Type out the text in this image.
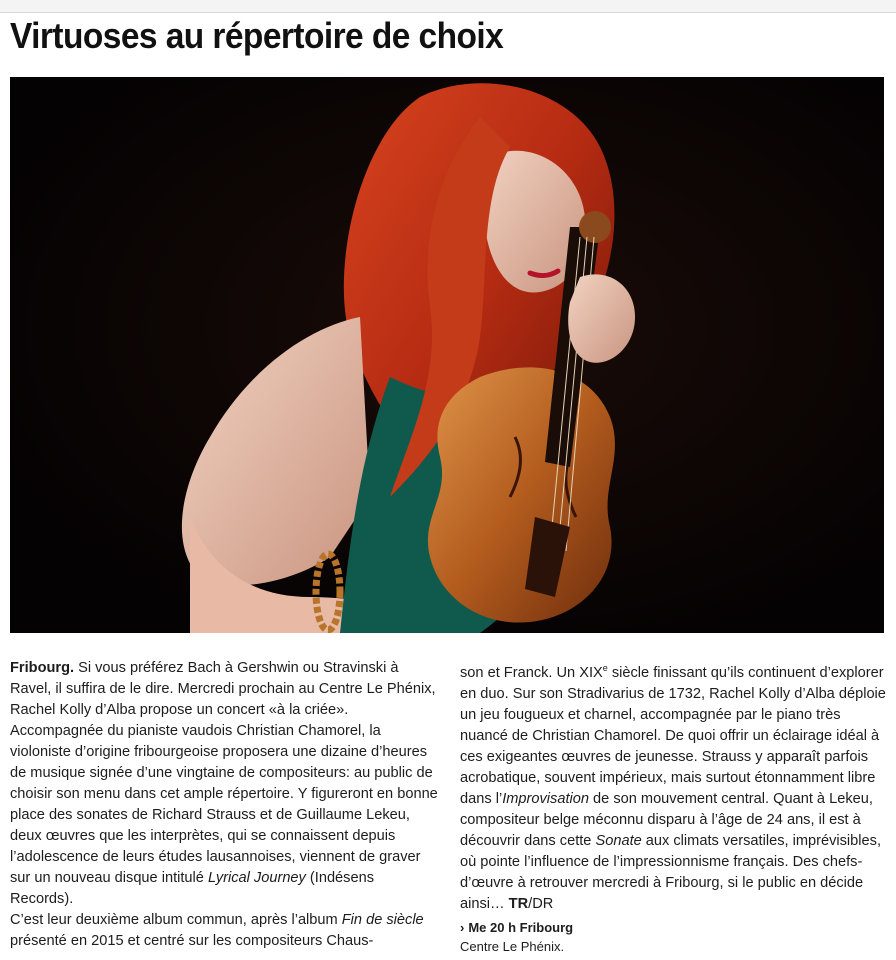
Virtuoses au répertoire de choix

Fribourg. Si vous préférez Bach à Gershwin ou Stravinski à Ravel, il suffira de le dire. Mercredi prochain au Centre Le Phénix, Rachel Kolly d’Alba propose un concert «à la criée». Accompagnée du pianiste vaudois Christian Chamorel, la violoniste d’origine fribourgeoise proposera une dizaine d’heures de musique signée d’une vingtaine de compositeurs: au public de choisir son menu dans cet ample répertoire. Y figureront en bonne place des sonates de Richard Strauss et de Guillaume Lekeu, deux œuvres que les interprètes, qui se connaissent depuis l’adolescence de leurs études lausannoises, viennent de graver sur un nouveau disque intitulé Lyrical Journey (Indésens Records).

C’est leur deuxième album commun, après l’album Fin de siècle présenté en 2015 et centré sur les compositeurs Chaus-

son et Franck. Un XIXe siècle finissant qu’ils continuent d’explorer en duo. Sur son Stradivarius de 1732, Rachel Kolly d’Alba déploie un jeu fougueux et charnel, accompagnée par le piano très nuancé de Christian Chamorel. De quoi offrir un éclairage idéal à ces exigeantes œuvres de jeunesse. Strauss y apparaît parfois acrobatique, souvent impérieux, mais surtout étonnamment libre dans l’Improvisation de son mouvement central. Quant à Lekeu, compositeur belge méconnu disparu à l’âge de 24 ans, il est à découvrir dans cette Sonate aux climats versatiles, imprévisibles, où pointe l’influence de l’impressionnisme français. Des chefs-d’œuvre à retrouver mercredi à Fribourg, si le public en décide ainsi… TR/DR

› Me 20 h Fribourg
Centre Le Phénix.
